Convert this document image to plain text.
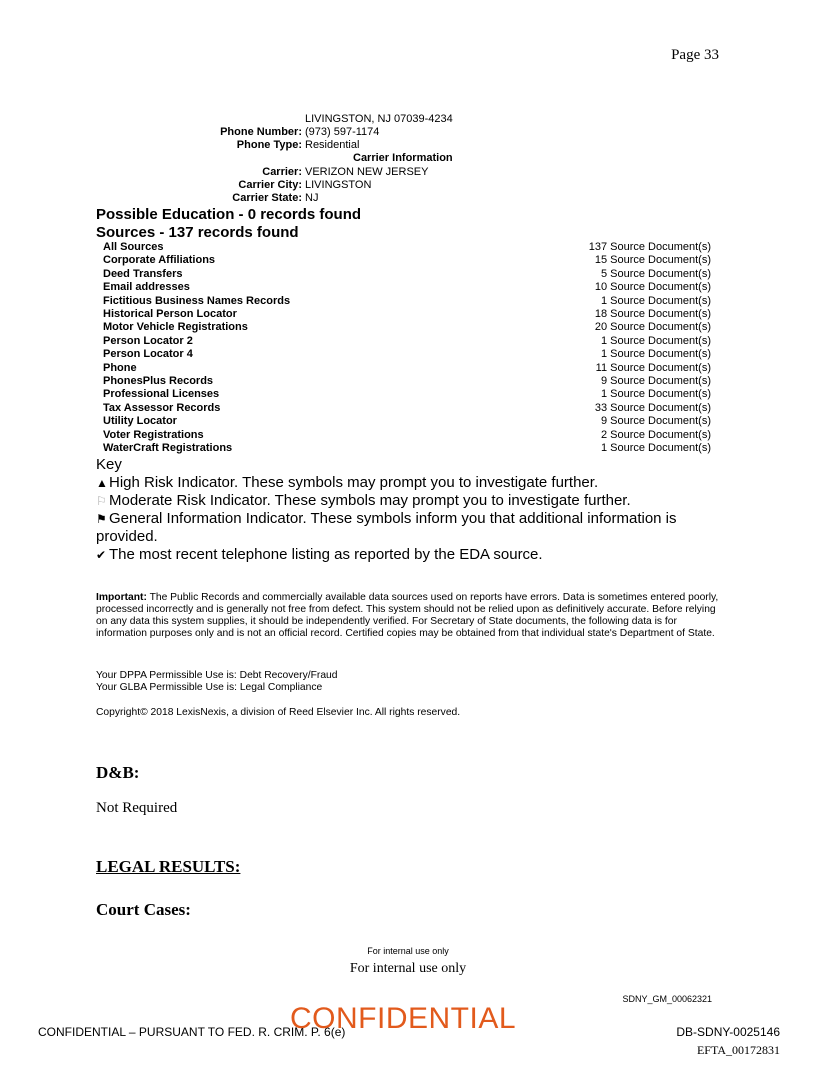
Page 33
LIVINGSTON, NJ 07039-4234
Phone Number: (973) 597-1174
Phone Type: Residential
Carrier Information
Carrier: VERIZON NEW JERSEY
Carrier City: LIVINGSTON
Carrier State: NJ
Possible Education - 0 records found
Sources - 137 records found
All Sources	137 Source Document(s)
Corporate Affiliations	15 Source Document(s)
Deed Transfers	5 Source Document(s)
Email addresses	10 Source Document(s)
Fictitious Business Names Records	1 Source Document(s)
Historical Person Locator	18 Source Document(s)
Motor Vehicle Registrations	20 Source Document(s)
Person Locator 2	1 Source Document(s)
Person Locator 4	1 Source Document(s)
Phone	11 Source Document(s)
PhonesPlus Records	9 Source Document(s)
Professional Licenses	1 Source Document(s)
Tax Assessor Records	33 Source Document(s)
Utility Locator	9 Source Document(s)
Voter Registrations	2 Source Document(s)
WaterCraft Registrations	1 Source Document(s)
Key
▲High Risk Indicator. These symbols may prompt you to investigate further.
⚐ Moderate Risk Indicator. These symbols may prompt you to investigate further.
⚑ General Information Indicator. These symbols inform you that additional information is provided.
✔ The most recent telephone listing as reported by the EDA source.
Important: The Public Records and commercially available data sources used on reports have errors. Data is sometimes entered poorly, processed incorrectly and is generally not free from defect. This system should not be relied upon as definitively accurate. Before relying on any data this system supplies, it should be independently verified. For Secretary of State documents, the following data is for information purposes only and is not an official record. Certified copies may be obtained from that individual state's Department of State.
Your DPPA Permissible Use is: Debt Recovery/Fraud
Your GLBA Permissible Use is: Legal Compliance
Copyright© 2018 LexisNexis, a division of Reed Elsevier Inc. All rights reserved.
D&B:
Not Required
LEGAL RESULTS:
Court Cases:
For internal use only
For internal use only
SDNY_GM_00062321
CONFIDENTIAL – PURSUANT TO FED. R. CRIM. P. 6(e)
CONFIDENTIAL	DB-SDNY-0025146
EFTA_00172831
